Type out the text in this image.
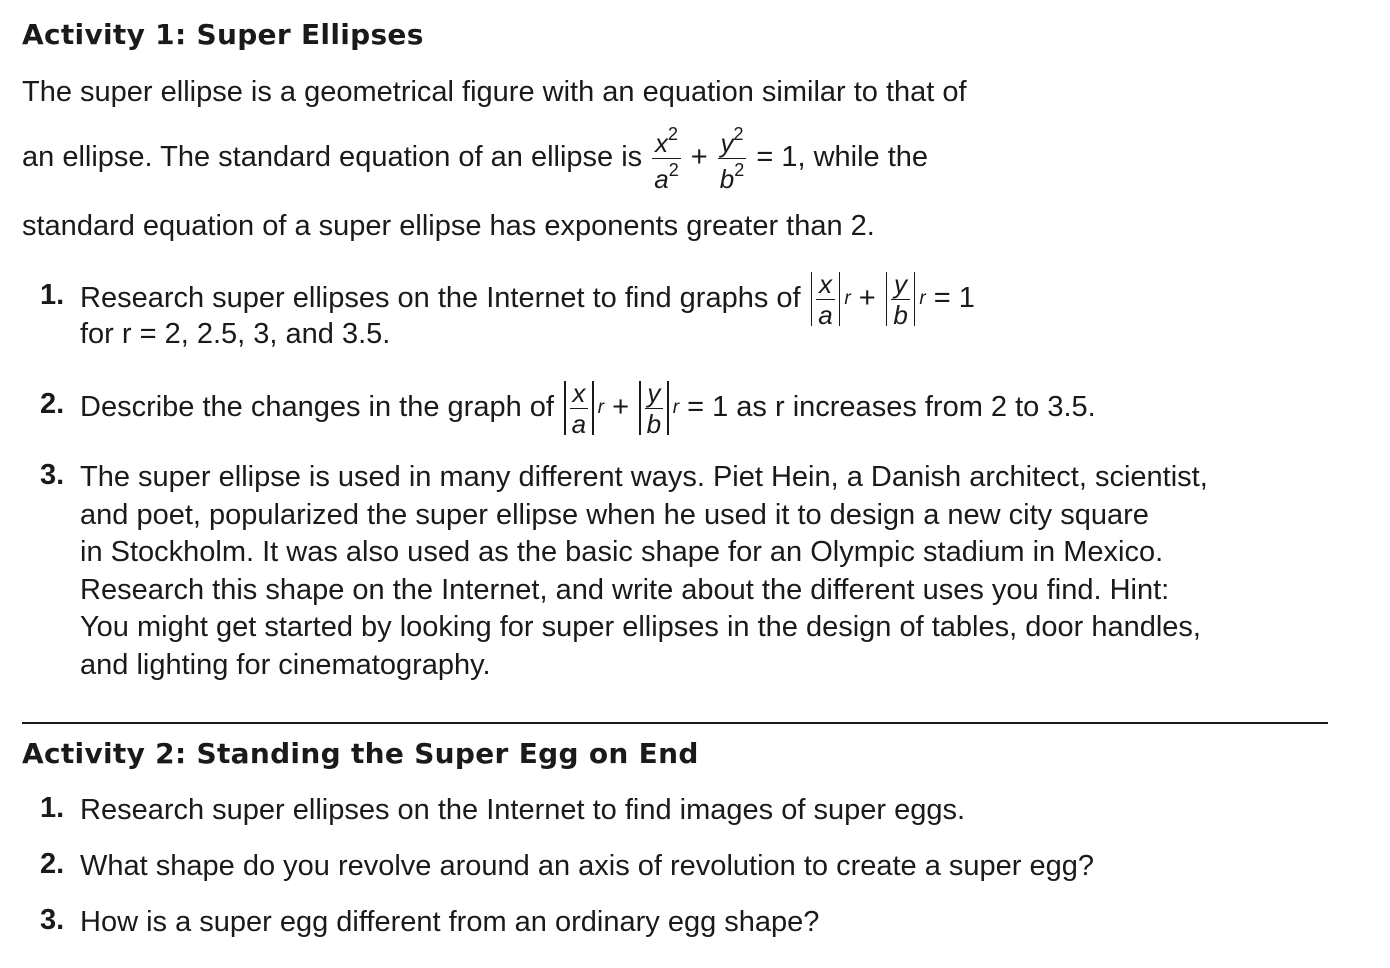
Activity 1: Super Ellipses
The super ellipse is a geometrical figure with an equation similar to that of
an ellipse. The standard equation of an ellipse is $\frac{x^2}{a^2} + \frac{y^2}{b^2} = 1$, while the
standard equation of a super ellipse has exponents greater than 2.
1. Research super ellipses on the Internet to find graphs of $\frac{x}{a}$ $r + \frac{y}{b}$ r = 1
for r = 2, 2.5, 3, and 3.5.
2. Describe the changes in the graph of $\frac{x}{a}$ $r + \frac{y}{b}$ r = 1 as r increases from 2 to 3.5.
3. The super ellipse is used in many different ways. Piet Hein, a Danish architect, scientist,
and poet, popularized the super ellipse when he used it to design a new city square
in Stockholm. It was also used as the basic shape for an Olympic stadium in Mexico.
Research this shape on the Internet, and write about the different uses you find. Hint:
You might get started by looking for super ellipses in the design of tables, door handles,
and lighting for cinematography.
Activity 2: Standing the Super Egg on End
1. Research super ellipses on the Internet to find images of super eggs.
2. What shape do you revolve around an axis of revolution to create a super egg?
3. How is a super egg different from an ordinary egg shape?
